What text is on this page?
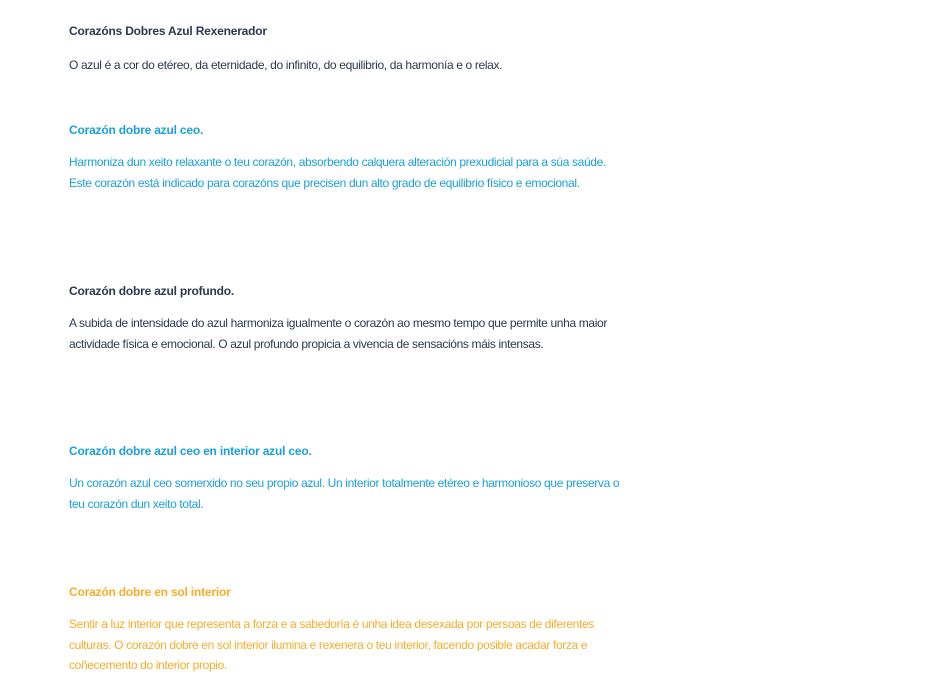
Corazóns Dobres Azul Rexenerador
O azul é a cor do etéreo, da eternidade, do infinito, do equilibrio, da harmonía e o relax.
Corazón dobre azul ceo.

Harmoniza dun xeito relaxante o teu corazón, absorbendo calquera alteración prexudicial para a súa saúde. Este corazón está indicado para corazóns que precisen dun alto grado de equilibrio físico e emocional.

Corazón dobre azul profundo.

A subida de intensidade do azul harmoniza igualmente o corazón ao mesmo tempo que permite unha maior actividade física e emocional. O azul profundo propicia a vivencia de sensacións máis intensas.

Corazón dobre azul ceo en interior azul ceo.

Un corazón azul ceo somerxido no seu propio azul. Un interior totalmente etéreo e harmonioso que preserva o teu corazón dun xeito total.

Corazón dobre en sol interior

Sentir a luz interior que representa a forza e a sabedoría é unha idea desexada por persoas de diferentes culturas. O corazón dobre en sol interior ilumina e rexenera o teu interior, facendo posible acadar forza e coñecemento do interior propio.
